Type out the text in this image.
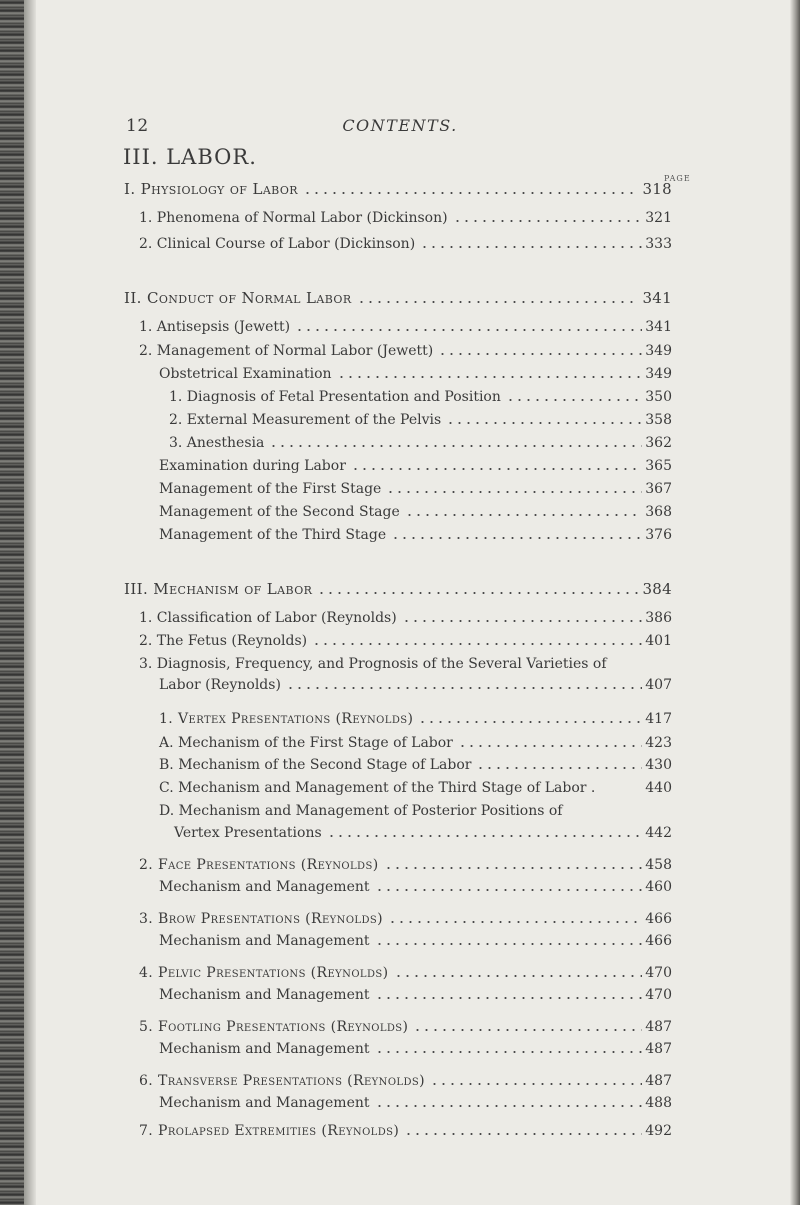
12	CONTENTS.
III. LABOR.
PAGE
I. Physiology of Labor	318
1. Phenomena of Normal Labor (Dickinson)	321
2. Clinical Course of Labor (Dickinson)	333
II. Conduct of Normal Labor	341
1. Antisepsis (Jewett)	341
2. Management of Normal Labor (Jewett)	349
Obstetrical Examination	349
1. Diagnosis of Fetal Presentation and Position	350
2. External Measurement of the Pelvis	358
3. Anesthesia	362
Examination during Labor	365
Management of the First Stage	367
Management of the Second Stage	368
Management of the Third Stage	376
III. Mechanism of Labor	384
1. Classification of Labor (Reynolds)	386
2. The Fetus (Reynolds)	401
3. Diagnosis, Frequency, and Prognosis of the Several Varieties of
Labor (Reynolds)	407
1. Vertex Presentations (Reynolds)	417
A. Mechanism of the First Stage of Labor	423
B. Mechanism of the Second Stage of Labor	430
C. Mechanism and Management of the Third Stage of Labor .	440
D. Mechanism and Management of Posterior Positions of
Vertex Presentations	442
2. Face Presentations (Reynolds)	458
Mechanism and Management	460
3. Brow Presentations (Reynolds)	466
Mechanism and Management	466
4. Pelvic Presentations (Reynolds)	470
Mechanism and Management	470
5. Footling Presentations (Reynolds)	487
Mechanism and Management	487
6. Transverse Presentations (Reynolds)	487
Mechanism and Management	488
7. Prolapsed Extremities (Reynolds)	492
